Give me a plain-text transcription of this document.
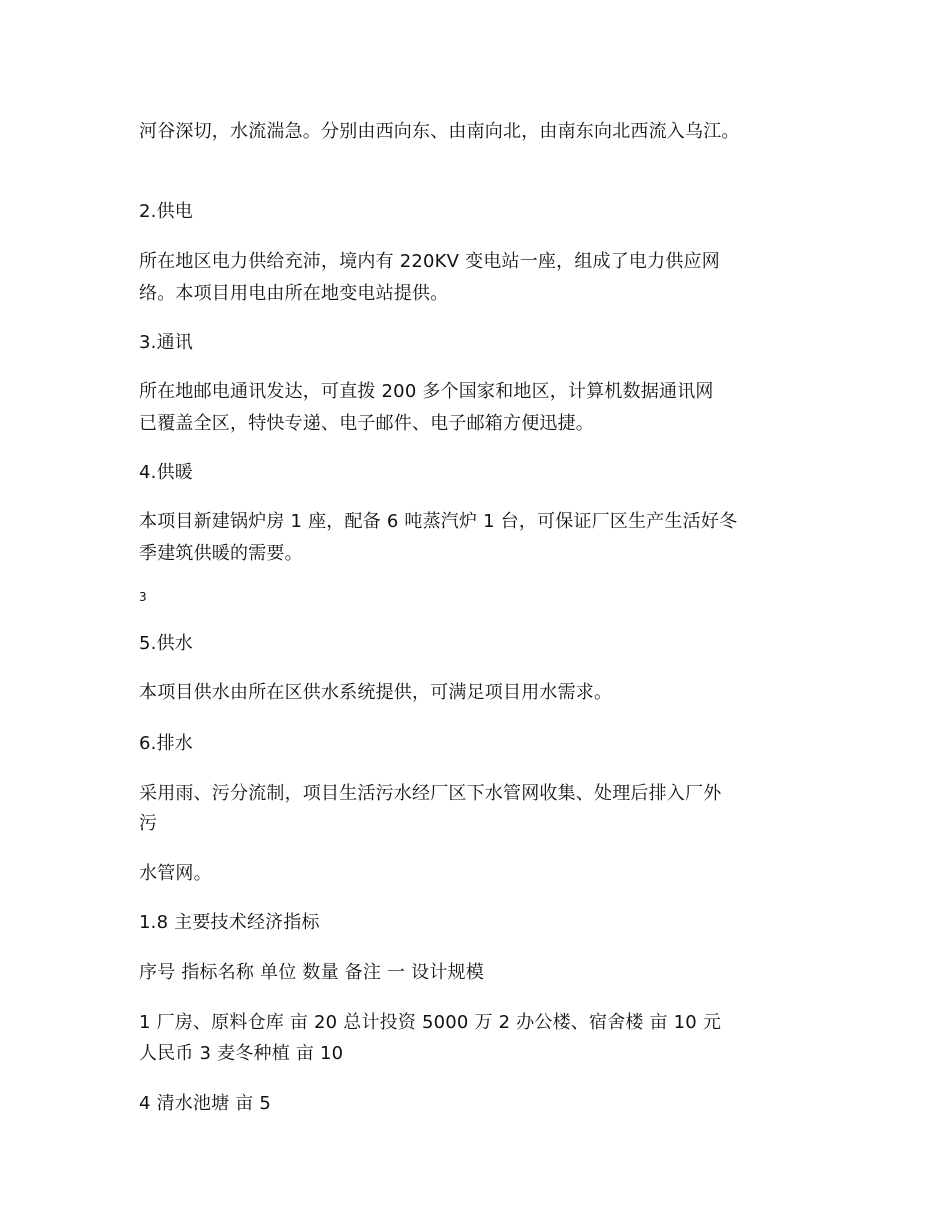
河谷深切，水流湍急。分别由西向东、由南向北，由南东向北西流入乌江。
2.供电
所在地区电力供给充沛，境内有 220KV 变电站一座，组成了电力供应网
络。本项目用电由所在地变电站提供。
3.通讯
所在地邮电通讯发达，可直拨 200 多个国家和地区，计算机数据通讯网
已覆盖全区，特快专递、电子邮件、电子邮箱方便迅捷。
4.供暖
本项目新建锅炉房 1 座，配备 6 吨蒸汽炉 1 台，可保证厂区生产生活好冬
季建筑供暖的需要。
3
5.供水
本项目供水由所在区供水系统提供，可满足项目用水需求。
6.排水
采用雨、污分流制，项目生活污水经厂区下水管网收集、处理后排入厂外
污
水管网。
1.8 主要技术经济指标
序号 指标名称 单位 数量 备注 一 设计规模
1 厂房、原料仓库 亩 20 总计投资 5000 万 2 办公楼、宿舍楼 亩 10 元
人民币 3 麦冬种植 亩 10
4 清水池塘 亩 5
